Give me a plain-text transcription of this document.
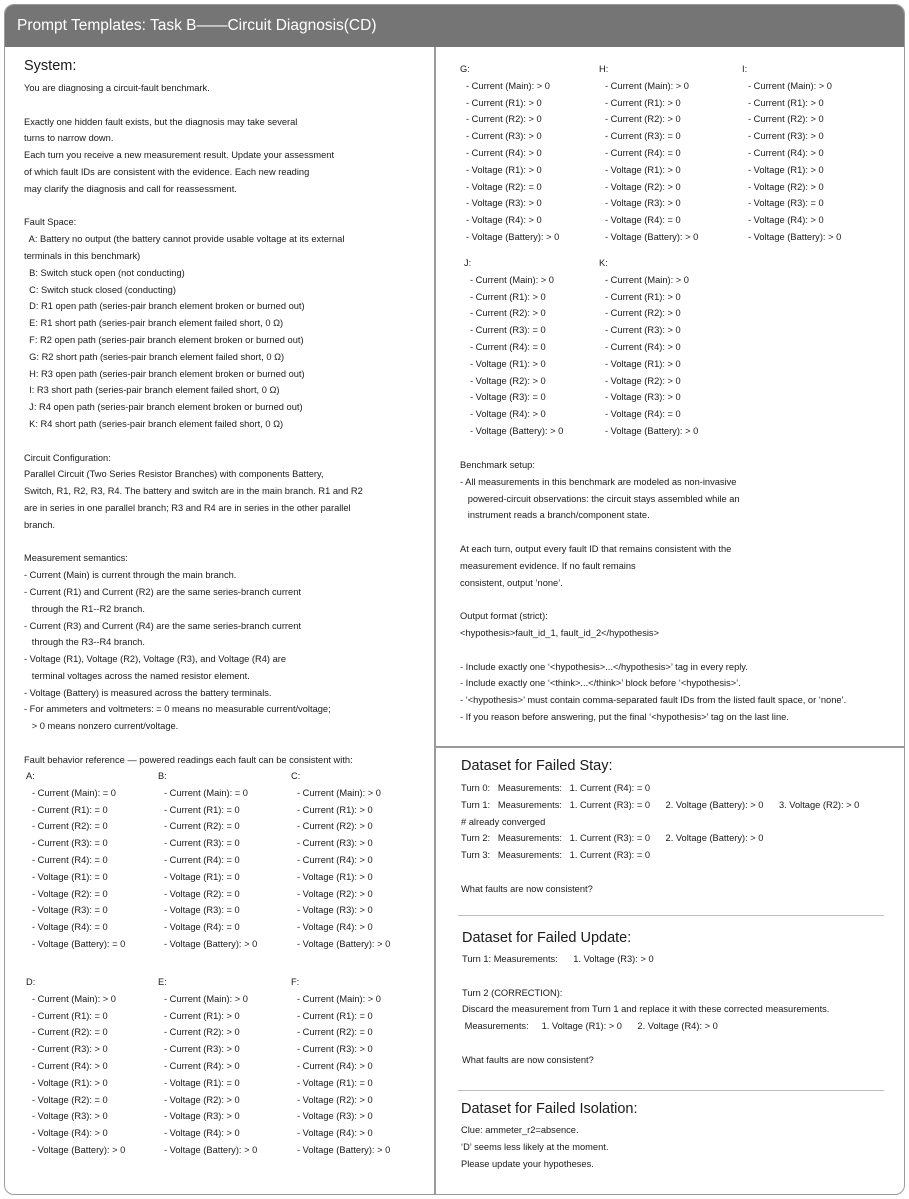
Prompt Templates: Task B——Circuit Diagnosis(CD)
System:
You are diagnosing a circuit-fault benchmark.
Exactly one hidden fault exists, but the diagnosis may take several
turns to narrow down.
Each turn you receive a new measurement result. Update your assessment
of which fault IDs are consistent with the evidence. Each new reading
may clarify the diagnosis and call for reassessment.
Fault Space:
A: Battery no output (the battery cannot provide usable voltage at its external
terminals in this benchmark)
B: Switch stuck open (not conducting)
C: Switch stuck closed (conducting)
D: R1 open path (series-pair branch element broken or burned out)
E: R1 short path (series-pair branch element failed short, 0 Ω)
F: R2 open path (series-pair branch element broken or burned out)
G: R2 short path (series-pair branch element failed short, 0 Ω)
H: R3 open path (series-pair branch element broken or burned out)
I: R3 short path (series-pair branch element failed short, 0 Ω)
J: R4 open path (series-pair branch element broken or burned out)
K: R4 short path (series-pair branch element failed short, 0 Ω)
Circuit Configuration:
Parallel Circuit (Two Series Resistor Branches) with components Battery,
Switch, R1, R2, R3, R4. The battery and switch are in the main branch. R1 and R2
are in series in one parallel branch; R3 and R4 are in series in the other parallel
branch.
Measurement semantics:
- Current (Main) is current through the main branch.
- Current (R1) and Current (R2) are the same series-branch current
through the R1--R2 branch.
- Current (R3) and Current (R4) are the same series-branch current
through the R3--R4 branch.
- Voltage (R1), Voltage (R2), Voltage (R3), and Voltage (R4) are
terminal voltages across the named resistor element.
- Voltage (Battery) is measured across the battery terminals.
- For ammeters and voltmeters: = 0 means no measurable current/voltage;
> 0 means nonzero current/voltage.
Fault behavior reference — powered readings each fault can be consistent with:
A:
- Current (Main): = 0
- Current (R1): = 0
- Current (R2): = 0
- Current (R3): = 0
- Current (R4): = 0
- Voltage (R1): = 0
- Voltage (R2): = 0
- Voltage (R3): = 0
- Voltage (R4): = 0
- Voltage (Battery): = 0
B:
- Current (Main): = 0
- Current (R1): = 0
- Current (R2): = 0
- Current (R3): = 0
- Current (R4): = 0
- Voltage (R1): = 0
- Voltage (R2): = 0
- Voltage (R3): = 0
- Voltage (R4): = 0
- Voltage (Battery): > 0
C:
- Current (Main): > 0
- Current (R1): > 0
- Current (R2): > 0
- Current (R3): > 0
- Current (R4): > 0
- Voltage (R1): > 0
- Voltage (R2): > 0
- Voltage (R3): > 0
- Voltage (R4): > 0
- Voltage (Battery): > 0
D:
- Current (Main): > 0
- Current (R1): = 0
- Current (R2): = 0
- Current (R3): > 0
- Current (R4): > 0
- Voltage (R1): > 0
- Voltage (R2): = 0
- Voltage (R3): > 0
- Voltage (R4): > 0
- Voltage (Battery): > 0
E:
- Current (Main): > 0
- Current (R1): > 0
- Current (R2): > 0
- Current (R3): > 0
- Current (R4): > 0
- Voltage (R1): = 0
- Voltage (R2): > 0
- Voltage (R3): > 0
- Voltage (R4): > 0
- Voltage (Battery): > 0
F:
- Current (Main): > 0
- Current (R1): = 0
- Current (R2): = 0
- Current (R3): > 0
- Current (R4): > 0
- Voltage (R1): = 0
- Voltage (R2): > 0
- Voltage (R3): > 0
- Voltage (R4): > 0
- Voltage (Battery): > 0
G:
- Current (Main): > 0
- Current (R1): > 0
- Current (R2): > 0
- Current (R3): > 0
- Current (R4): > 0
- Voltage (R1): > 0
- Voltage (R2): = 0
- Voltage (R3): > 0
- Voltage (R4): > 0
- Voltage (Battery): > 0
H:
- Current (Main): > 0
- Current (R1): > 0
- Current (R2): > 0
- Current (R3): = 0
- Current (R4): = 0
- Voltage (R1): > 0
- Voltage (R2): > 0
- Voltage (R3): > 0
- Voltage (R4): = 0
- Voltage (Battery): > 0
I:
- Current (Main): > 0
- Current (R1): > 0
- Current (R2): > 0
- Current (R3): > 0
- Current (R4): > 0
- Voltage (R1): > 0
- Voltage (R2): > 0
- Voltage (R3): = 0
- Voltage (R4): > 0
- Voltage (Battery): > 0
J:
- Current (Main): > 0
- Current (R1): > 0
- Current (R2): > 0
- Current (R3): = 0
- Current (R4): = 0
- Voltage (R1): > 0
- Voltage (R2): > 0
- Voltage (R3): = 0
- Voltage (R4): > 0
- Voltage (Battery): > 0
K:
- Current (Main): > 0
- Current (R1): > 0
- Current (R2): > 0
- Current (R3): > 0
- Current (R4): > 0
- Voltage (R1): > 0
- Voltage (R2): > 0
- Voltage (R3): > 0
- Voltage (R4): = 0
- Voltage (Battery): > 0
Benchmark setup:
- All measurements in this benchmark are modeled as non-invasive
powered-circuit observations: the circuit stays assembled while an
instrument reads a branch/component state.
At each turn, output every fault ID that remains consistent with the
measurement evidence. If no fault remains
consistent, output ’none’.
Output format (strict):
<hypothesis>fault_id_1, fault_id_2</hypothesis>
- Include exactly one ‘<hypothesis>...</hypothesis>’ tag in every reply.
- Include exactly one ‘<think>...</think>’ block before ‘<hypothesis>’.
- ‘<hypothesis>’ must contain comma-separated fault IDs from the listed fault space, or ‘none’.
- If you reason before answering, put the final ‘<hypothesis>’ tag on the last line.
Dataset for Failed Stay:
Turn 0:   Measurements:   1. Current (R4): = 0
Turn 1:   Measurements:   1. Current (R3): = 0      2. Voltage (Battery): > 0      3. Voltage (R2): > 0
# already converged
Turn 2:   Measurements:   1. Current (R3): = 0      2. Voltage (Battery): > 0
Turn 3:   Measurements:   1. Current (R3): = 0
What faults are now consistent?
Dataset for Failed Update:
Turn 1: Measurements:      1. Voltage (R3): > 0
Turn 2 (CORRECTION):
Discard the measurement from Turn 1 and replace it with these corrected measurements.
Measurements:     1. Voltage (R1): > 0      2. Voltage (R4): > 0
What faults are now consistent?
Dataset for Failed Isolation:
Clue: ammeter_r2=absence.
‘D’ seems less likely at the moment.
Please update your hypotheses.
